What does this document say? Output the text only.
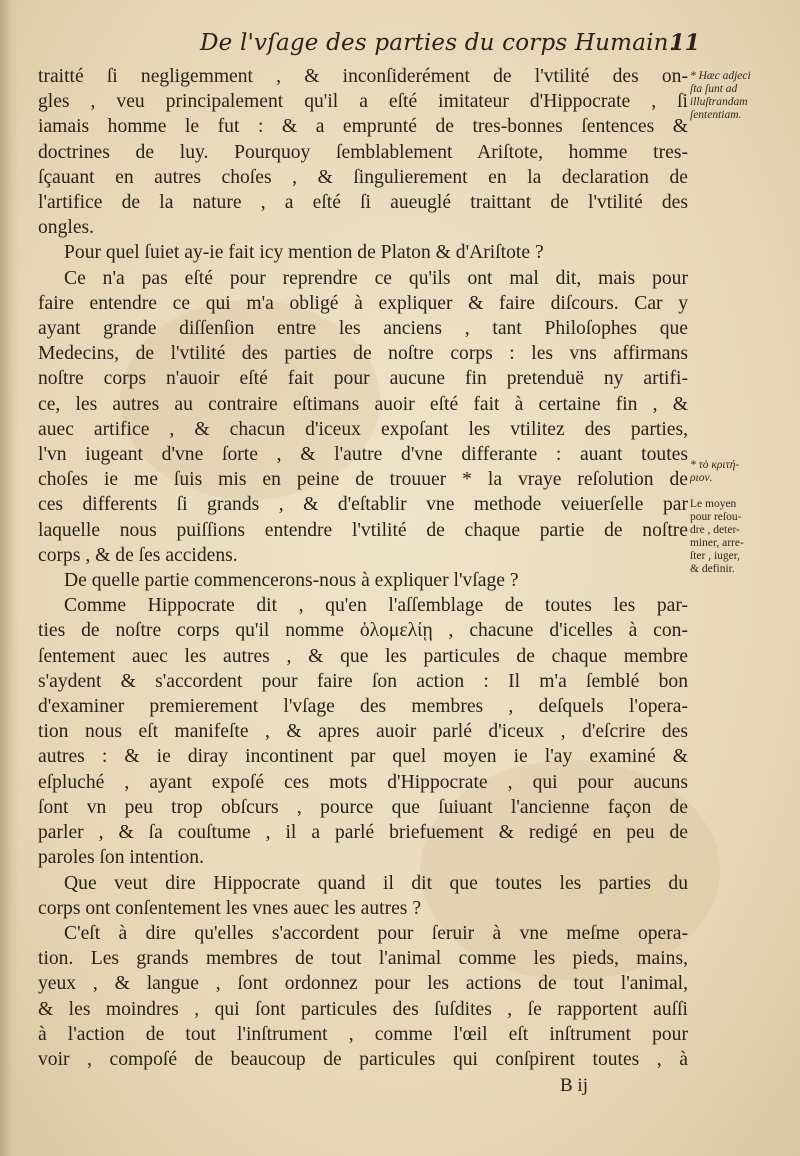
De l'vſage des parties du corps Humain.
11
traitté ſi negligemment , & inconſiderément de l'vtilité des on-
gles , veu principalement qu'il a eſté imitateur d'Hippocrate , ſi
iamais homme le fut : & a emprunté de tres-bonnes ſentences &
doctrines de luy. Pourquoy ſemblablement Ariſtote, homme tres-
ſçauant en autres choſes , & ſingulierement en la declaration de
l'artifice de la nature , a eſté ſi aueuglé traittant de l'vtilité des
ongles.
Pour quel ſuiet ay-ie fait icy mention de Platon & d'Ariſtote ?
Ce n'a pas eſté pour reprendre ce qu'ils ont mal dit, mais pour
faire entendre ce qui m'a obligé à expliquer & faire diſcours. Car y
ayant grande diſſenſion entre les anciens , tant Philoſophes que
Medecins, de l'vtilité des parties de noſtre corps : les vns affirmans
noſtre corps n'auoir eſté fait pour aucune fin pretenduë ny artifi-
ce, les autres au contraire eſtimans auoir eſté fait à certaine fin , &
auec artifice , & chacun d'iceux expoſant les vtilitez des parties,
l'vn iugeant d'vne ſorte , & l'autre d'vne differante : auant toutes
choſes ie me ſuis mis en peine de trouuer * la vraye reſolution de
ces differents ſi grands , & d'eſtablir vne methode veiuerſelle par
laquelle nous puiſſions entendre l'vtilité de chaque partie de noſtre
corps , & de ſes accidens.
De quelle partie commencerons-nous à expliquer l'vſage ?
Comme Hippocrate dit , qu'en l'aſſemblage de toutes les par-
ties de noſtre corps qu'il nomme ὁλομελίῃ , chacune d'icelles à con-
ſentement auec les autres , & que les particules de chaque membre
s'aydent & s'accordent pour faire ſon action : Il m'a ſemblé bon
d'examiner premierement l'vſage des membres , deſquels l'opera-
tion nous eſt manifeſte , & apres auoir parlé d'iceux , d'eſcrire des
autres : & ie diray incontinent par quel moyen ie l'ay examiné &
eſpluché , ayant expoſé ces mots d'Hippocrate , qui pour aucuns
ſont vn peu trop obſcurs , pource que ſuiuant l'ancienne façon de
parler , & ſa couſtume , il a parlé briefuement & redigé en peu de
paroles ſon intention.
Que veut dire Hippocrate quand il dit que toutes les parties du
corps ont conſentement les vnes auec les autres ?
C'eſt à dire qu'elles s'accordent pour ſeruir à vne meſme opera-
tion. Les grands membres de tout l'animal comme les pieds, mains,
yeux , & langue , ſont ordonnez pour les actions de tout l'animal,
& les moindres , qui ſont particules des ſuſdites , ſe rapportent auſſi
à l'action de tout l'inſtrument , comme l'œil eſt inſtrument pour
voir , compoſé de beaucoup de particules qui conſpirent toutes , à
* Hæc adjeci
ſta ſunt ad
illuſtrandam
ſententiam.
* τὸ κριτή-
ριον.
Le moyen
pour reſou-
dre , deter-
miner, arre-
ſter , iuger,
& definir.
B ij
